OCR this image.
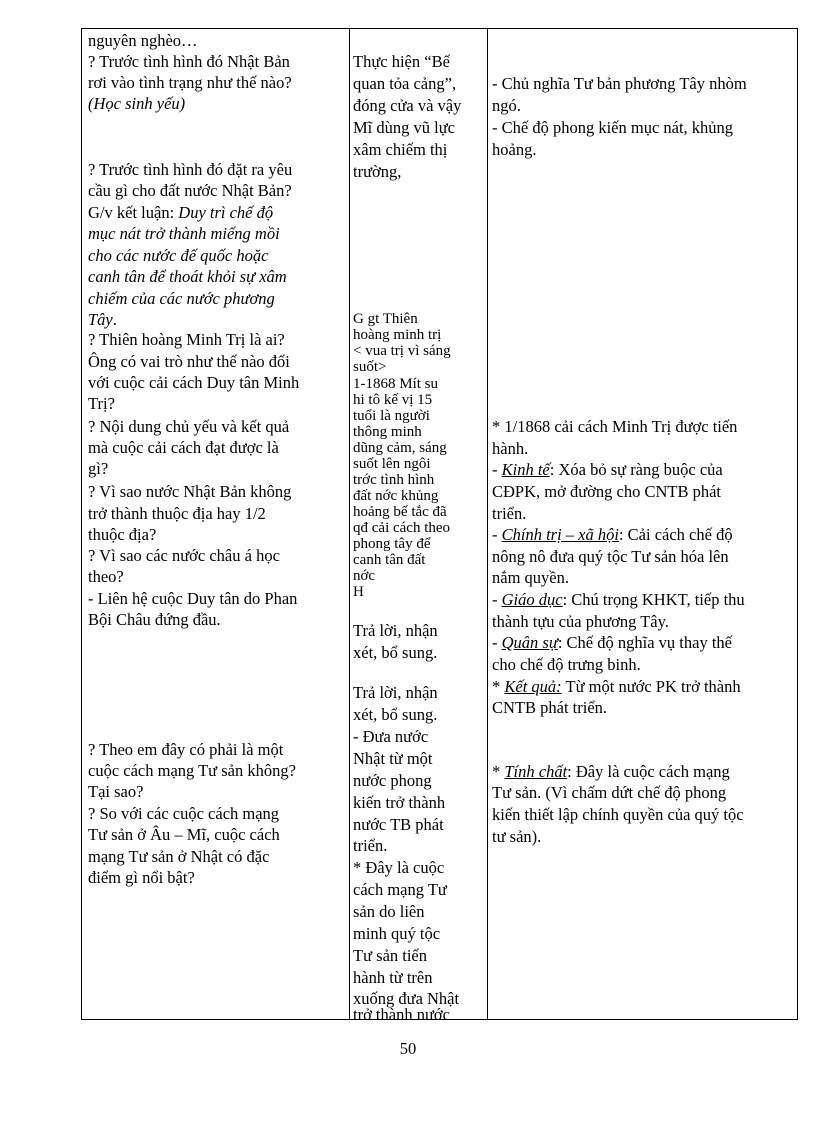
nguyên nghèo…
? Trước tình hình đó Nhật Bản
rơi vào tình trạng như thế nào?
(Học sinh yếu)
? Trước tình hình đó đặt ra yêu
cầu gì cho đất nước Nhật Bản?
G/v kết luận: Duy trì chế độ
mục nát trở thành miếng mồi
cho các nước đế quốc hoặc
canh tân để thoát khỏi sự xâm
chiếm của các nước phương
Tây.
? Thiên hoàng Minh Trị là ai?
Ông có vai trò như thế nào đối
với cuộc cải cách Duy tân Minh
Trị?
? Nội dung chủ yếu và kết quả
mà cuộc cải cách đạt được là
gì?
? Vì sao nước Nhật Bản không
trở thành thuộc địa hay 1/2
thuộc địa?
? Vì sao các nước châu á học
theo?
- Liên hệ cuộc Duy tân do Phan
Bội Châu đứng đầu.
? Theo em đây có phải là một
cuộc cách mạng Tư sản không?
Tại sao?
? So với các cuộc cách mạng
Tư sản ở Âu – Mĩ, cuộc cách
mạng Tư sản ở Nhật có đặc
điểm gì nổi bật?
Thực hiện “Bế
quan tỏa cảng”,
đóng cửa và vậy
Mĩ dùng vũ lực
xâm chiếm thị
trường,
G gt Thiên
hoàng minh trị
< vua trị vì sáng
suốt>
1-1868 Mít su
hi tô kế vị 15
tuổi là người
thông minh
dũng cảm, sáng
suốt lên ngôi
trớc tình hình
đất nớc khủng
hoảng bế tắc đã
qđ cải cách theo
phong tây để
canh tân đất
nớc
H
Trả lời, nhận
xét, bổ sung.
Trả lời, nhận
xét, bổ sung.
- Đưa nước
Nhật từ một
nước phong
kiến trở thành
nước TB phát
triển.
* Đây là cuộc
cách mạng Tư
sản do liên
minh quý tộc
Tư sản tiến
hành từ trên
xuống đưa Nhật
trở thành nước
- Chủ nghĩa Tư bản phương Tây nhòm
ngó.
- Chế độ phong kiến mục nát, khủng
hoảng.
* 1/1868 cải cách Minh Trị được tiến
hành.
- Kinh tế: Xóa bỏ sự ràng buộc của
CĐPK, mở đường cho CNTB phát
triển.
- Chính trị – xã hội: Cải cách chế độ
nông nô đưa quý tộc Tư sản hóa lên
nắm quyền.
- Giáo dục: Chú trọng KHKT, tiếp thu
thành tựu của phương Tây.
- Quân sự: Chế độ nghĩa vụ thay thế
cho chế độ trưng binh.
* Kết quả: Từ một nước PK trở thành
CNTB phát triển.
* Tính chất: Đây là cuộc cách mạng
Tư sản. (Vì chấm dứt chế độ phong
kiến thiết lập chính quyền của quý tộc
tư sản).
50
